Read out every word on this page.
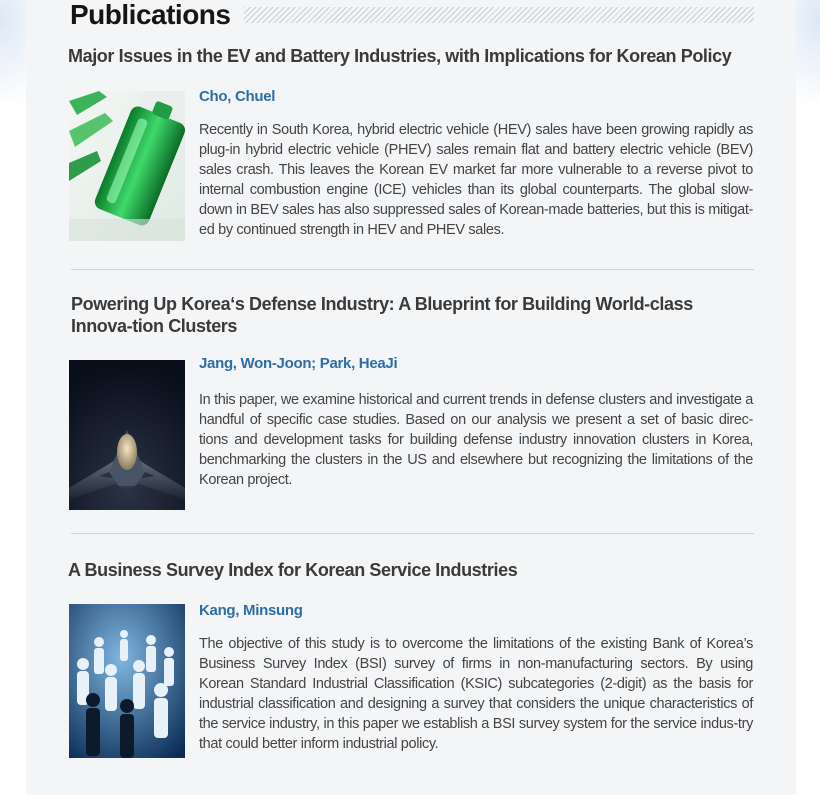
Publications
Major Issues in the EV and Battery Industries, with Implications for Korean Policy
Cho, Chuel
Recently in South Korea, hybrid electric vehicle (HEV) sales have been growing rapidly as plug-in hybrid electric vehicle (PHEV) sales remain flat and battery electric vehicle (BEV) sales crash. This leaves the Korean EV market far more vulnerable to a reverse pivot to internal combustion engine (ICE) vehicles than its global counterparts. The global slow-down in BEV sales has also suppressed sales of Korean-made batteries, but this is mitigat-ed by continued strength in HEV and PHEV sales.
Powering Up Korea‘s Defense Industry: A Blueprint for Building World-class Innova-tion Clusters
Jang, Won-Joon; Park, HeaJi
In this paper, we examine historical and current trends in defense clusters and investigate a handful of specific case studies. Based on our analysis we present a set of basic direc-tions and development tasks for building defense industry innovation clusters in Korea, benchmarking the clusters in the US and elsewhere but recognizing the limitations of the Korean project.
A Business Survey Index for Korean Service Industries
Kang, Minsung
The objective of this study is to overcome the limitations of the existing Bank of Korea’s Business Survey Index (BSI) survey of firms in non-manufacturing sectors. By using Korean Standard Industrial Classification (KSIC) subcategories (2-digit) as the basis for industrial classification and designing a survey that considers the unique characteristics of the service industry, in this paper we establish a BSI survey system for the service indus-try that could better inform industrial policy.
